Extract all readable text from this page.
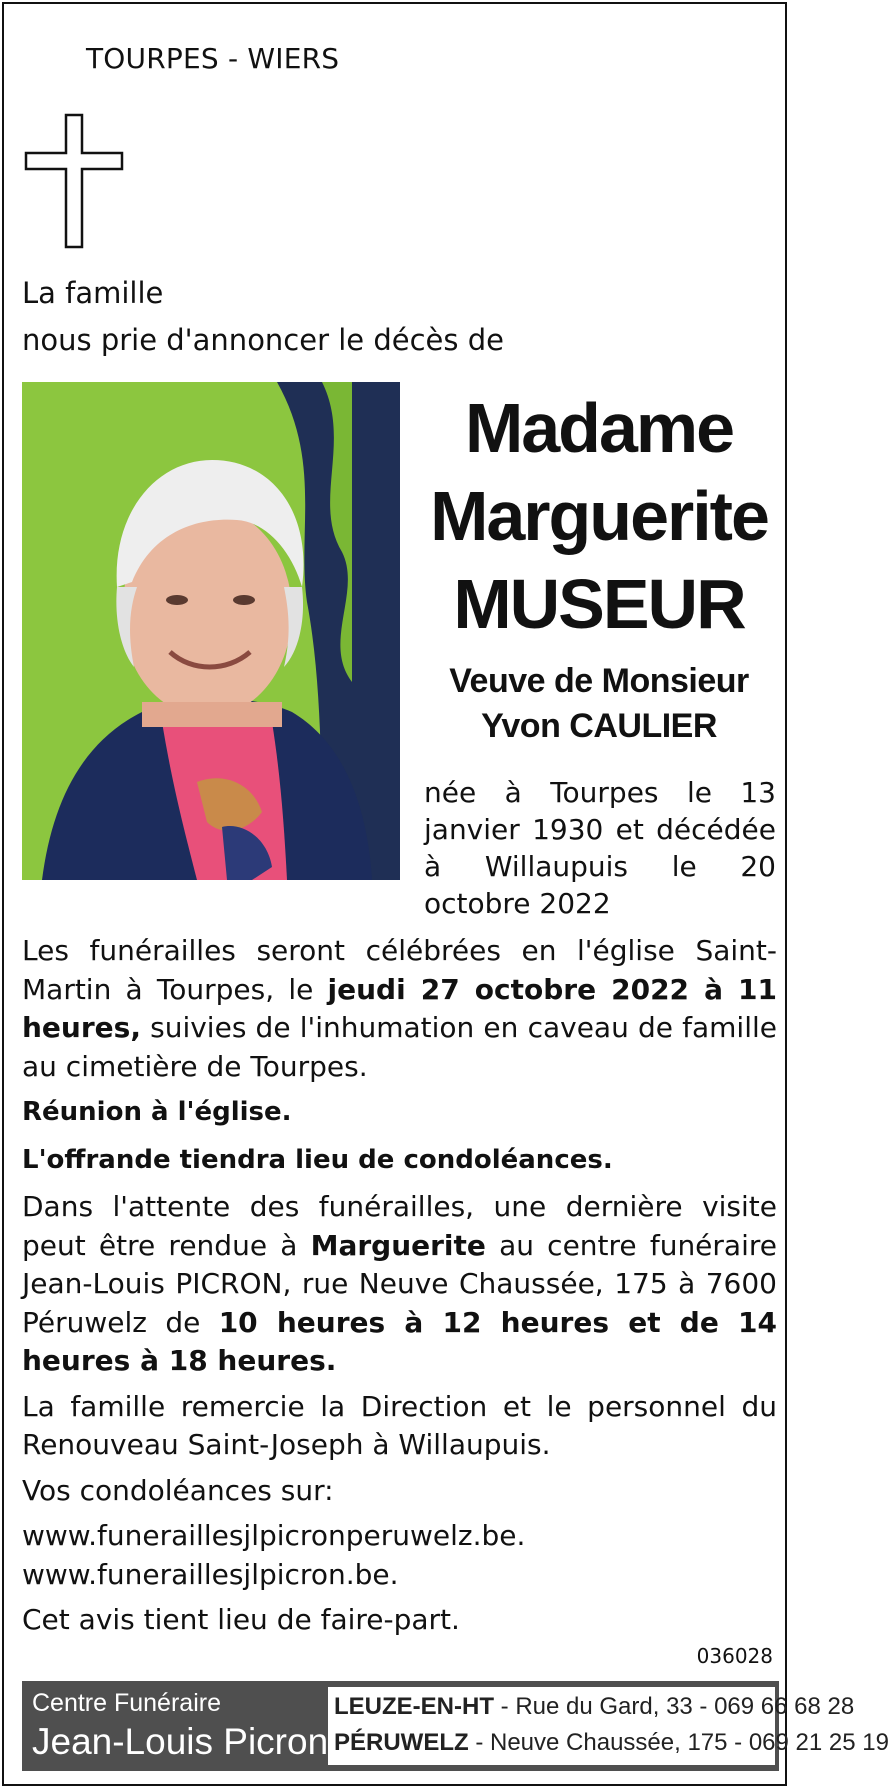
TOURPES - WIERS
La famille
nous prie d'annoncer le décès de
Madame
Marguerite
MUSEUR
Veuve de Monsieur
Yvon CAULIER
née à Tourpes le 13 janvier 1930 et décédée à Willaupuis le 20 octobre 2022

Les funérailles seront célébrées en l'église Saint-Martin à Tourpes, le jeudi 27 octobre 2022 à 11 heures, suivies de l'inhumation en caveau de famille au cimetière de Tourpes.

Réunion à l'église.

L'offrande tiendra lieu de condoléances.

Dans l'attente des funérailles, une dernière visite peut être rendue à Marguerite au centre funéraire Jean-Louis PICRON, rue Neuve Chaussée, 175 à 7600 Péruwelz de 10 heures à 12 heures et de 14 heures à 18 heures.

La famille remercie la Direction et le personnel du Renouveau Saint-Joseph à Willaupuis.

Vos condoléances sur:

www.funeraillesjlpicronperuwelz.be.
www.funeraillesjlpicron.be.

Cet avis tient lieu de faire-part.

036028
Centre Funéraire
Jean-Louis Picron
LEUZE-EN-HT - Rue du Gard, 33 - 069 66 68 28
PÉRUWELZ - Neuve Chaussée, 175 - 069 21 25 19
